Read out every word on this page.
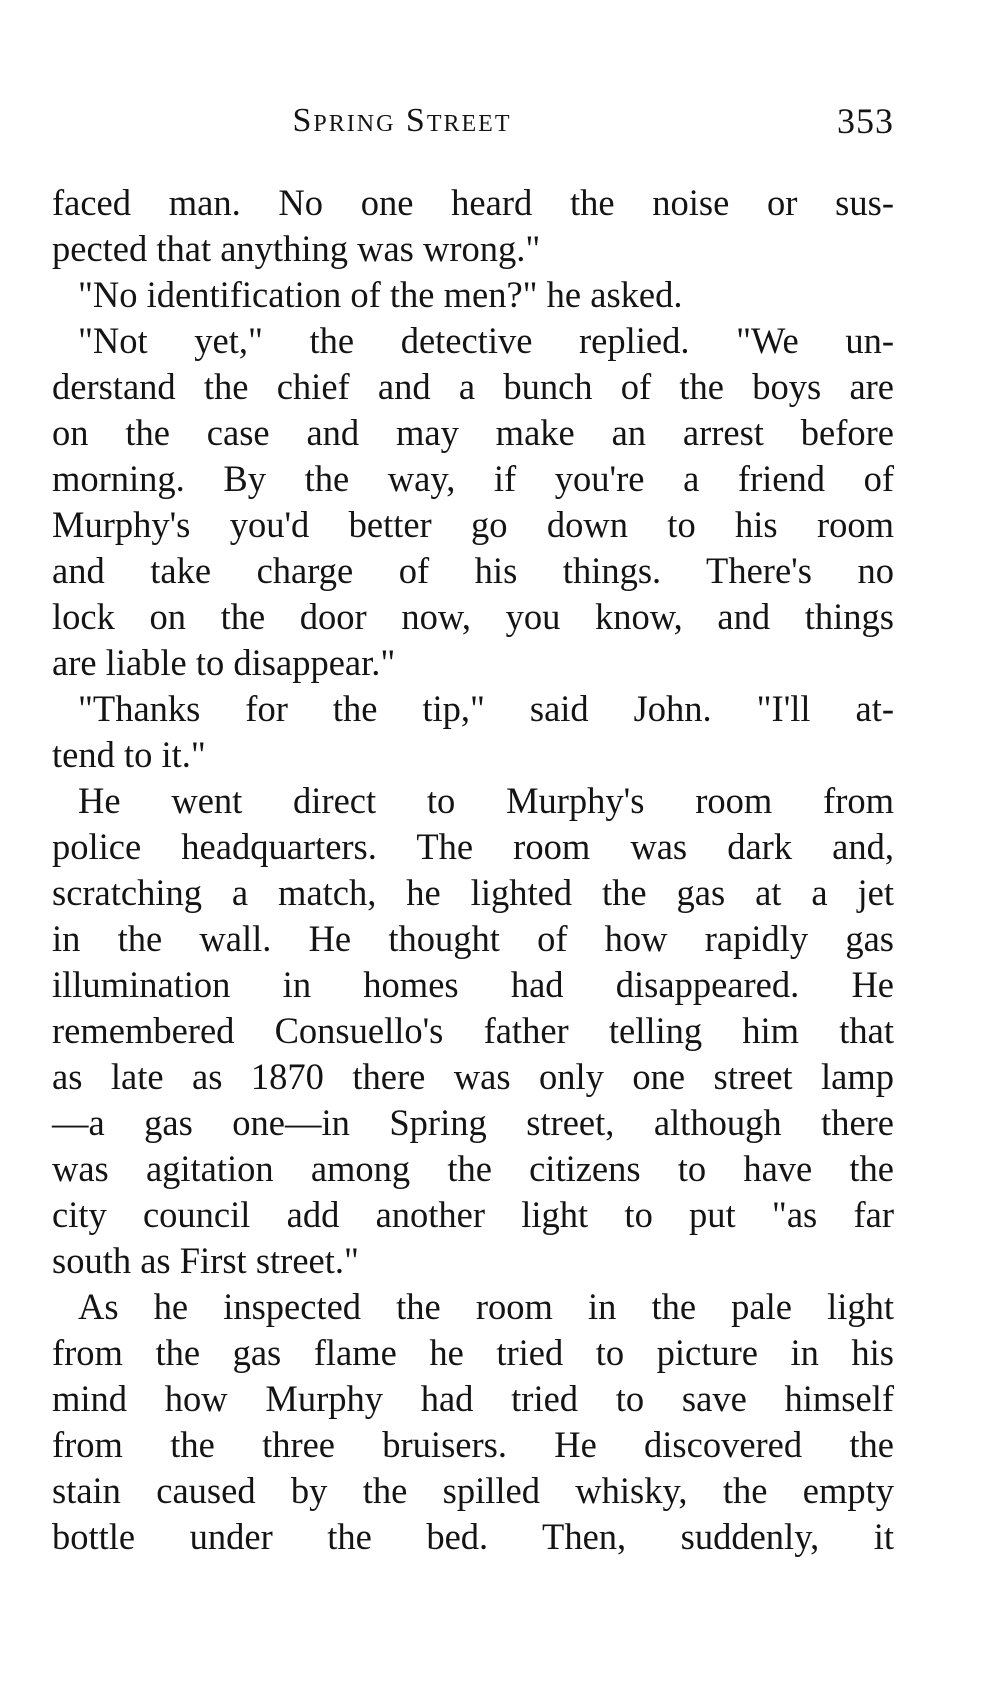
Spring Street	353
faced man. No one heard the noise or sus-
pected that anything was wrong."
"No identification of the men?" he asked.
"Not yet," the detective replied. "We un-
derstand the chief and a bunch of the boys are
on the case and may make an arrest before
morning. By the way, if you're a friend of
Murphy's you'd better go down to his room
and take charge of his things. There's no
lock on the door now, you know, and things
are liable to disappear."
"Thanks for the tip," said John. "I'll at-
tend to it."
He went direct to Murphy's room from
police headquarters. The room was dark and,
scratching a match, he lighted the gas at a jet
in the wall. He thought of how rapidly gas
illumination in homes had disappeared. He
remembered Consuello's father telling him that
as late as 1870 there was only one street lamp
—a gas one—in Spring street, although there
was agitation among the citizens to have the
city council add another light to put "as far
south as First street."
As he inspected the room in the pale light
from the gas flame he tried to picture in his
mind how Murphy had tried to save himself
from the three bruisers. He discovered the
stain caused by the spilled whisky, the empty
bottle under the bed. Then, suddenly, it
